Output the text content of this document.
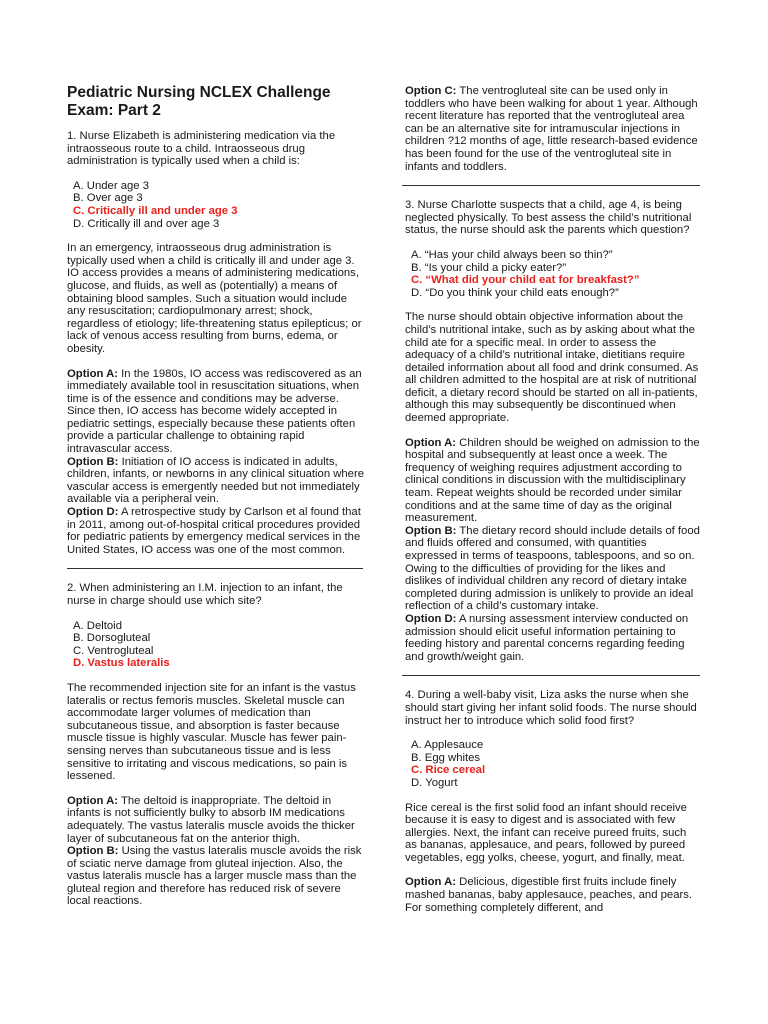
Pediatric Nursing NCLEX Challenge Exam: Part 2

1. Nurse Elizabeth is administering medication via the intraosseous route to a child. Intraosseous drug administration is typically used when a child is:

A. Under age 3
B. Over age 3
C. Critically ill and under age 3
D. Critically ill and over age 3

In an emergency, intraosseous drug administration is typically used when a child is critically ill and under age 3. IO access provides a means of administering medications, glucose, and fluids, as well as (potentially) a means of obtaining blood samples. Such a situation would include any resuscitation; cardiopulmonary arrest; shock, regardless of etiology; life-threatening status epilepticus; or lack of venous access resulting from burns, edema, or obesity.

Option A: In the 1980s, IO access was rediscovered as an immediately available tool in resuscitation situations, when time is of the essence and conditions may be adverse. Since then, IO access has become widely accepted in pediatric settings, especially because these patients often provide a particular challenge to obtaining rapid intravascular access.

Option B: Initiation of IO access is indicated in adults, children, infants, or newborns in any clinical situation where vascular access is emergently needed but not immediately available via a peripheral vein.

Option D: A retrospective study by Carlson et al found that in 2011, among out-of-hospital critical procedures provided for pediatric patients by emergency medical services in the United States, IO access was one of the most common.

2. When administering an I.M. injection to an infant, the nurse in charge should use which site?

A. Deltoid
B. Dorsogluteal
C. Ventrogluteal
D. Vastus lateralis

The recommended injection site for an infant is the vastus lateralis or rectus femoris muscles. Skeletal muscle can accommodate larger volumes of medication than subcutaneous tissue, and absorption is faster because muscle tissue is highly vascular. Muscle has fewer pain-sensing nerves than subcutaneous tissue and is less sensitive to irritating and viscous medications, so pain is lessened.

Option A: The deltoid is inappropriate. The deltoid in infants is not sufficiently bulky to absorb IM medications adequately. The vastus lateralis muscle avoids the thicker layer of subcutaneous fat on the anterior thigh.

Option B: Using the vastus lateralis muscle avoids the risk of sciatic nerve damage from gluteal injection. Also, the vastus lateralis muscle has a larger muscle mass than the gluteal region and therefore has reduced risk of severe local reactions.

Option C: The ventrogluteal site can be used only in toddlers who have been walking for about 1 year. Although recent literature has reported that the ventrogluteal area can be an alternative site for intramuscular injections in children ?12 months of age, little research-based evidence has been found for the use of the ventrogluteal site in infants and toddlers.

3. Nurse Charlotte suspects that a child, age 4, is being neglected physically. To best assess the child’s nutritional status, the nurse should ask the parents which question?

A. “Has your child always been so thin?”
B. “Is your child a picky eater?”
C. “What did your child eat for breakfast?”
D. “Do you think your child eats enough?”

The nurse should obtain objective information about the child’s nutritional intake, such as by asking about what the child ate for a specific meal. In order to assess the adequacy of a child’s nutritional intake, dietitians require detailed information about all food and drink consumed. As all children admitted to the hospital are at risk of nutritional deficit, a dietary record should be started on all in-patients, although this may subsequently be discontinued when deemed appropriate.

Option A: Children should be weighed on admission to the hospital and subsequently at least once a week. The frequency of weighing requires adjustment according to clinical conditions in discussion with the multidisciplinary team. Repeat weights should be recorded under similar conditions and at the same time of day as the original measurement.

Option B: The dietary record should include details of food and fluids offered and consumed, with quantities expressed in terms of teaspoons, tablespoons, and so on. Owing to the difficulties of providing for the likes and dislikes of individual children any record of dietary intake completed during admission is unlikely to provide an ideal reflection of a child’s customary intake.

Option D: A nursing assessment interview conducted on admission should elicit useful information pertaining to feeding history and parental concerns regarding feeding and growth/weight gain.

4. During a well-baby visit, Liza asks the nurse when she should start giving her infant solid foods. The nurse should instruct her to introduce which solid food first?

A. Applesauce
B. Egg whites
C. Rice cereal
D. Yogurt

Rice cereal is the first solid food an infant should receive because it is easy to digest and is associated with few allergies. Next, the infant can receive pureed fruits, such as bananas, applesauce, and pears, followed by pureed vegetables, egg yolks, cheese, yogurt, and finally, meat.

Option A: Delicious, digestible first fruits include finely mashed bananas, baby applesauce, peaches, and pears. For something completely different, and
